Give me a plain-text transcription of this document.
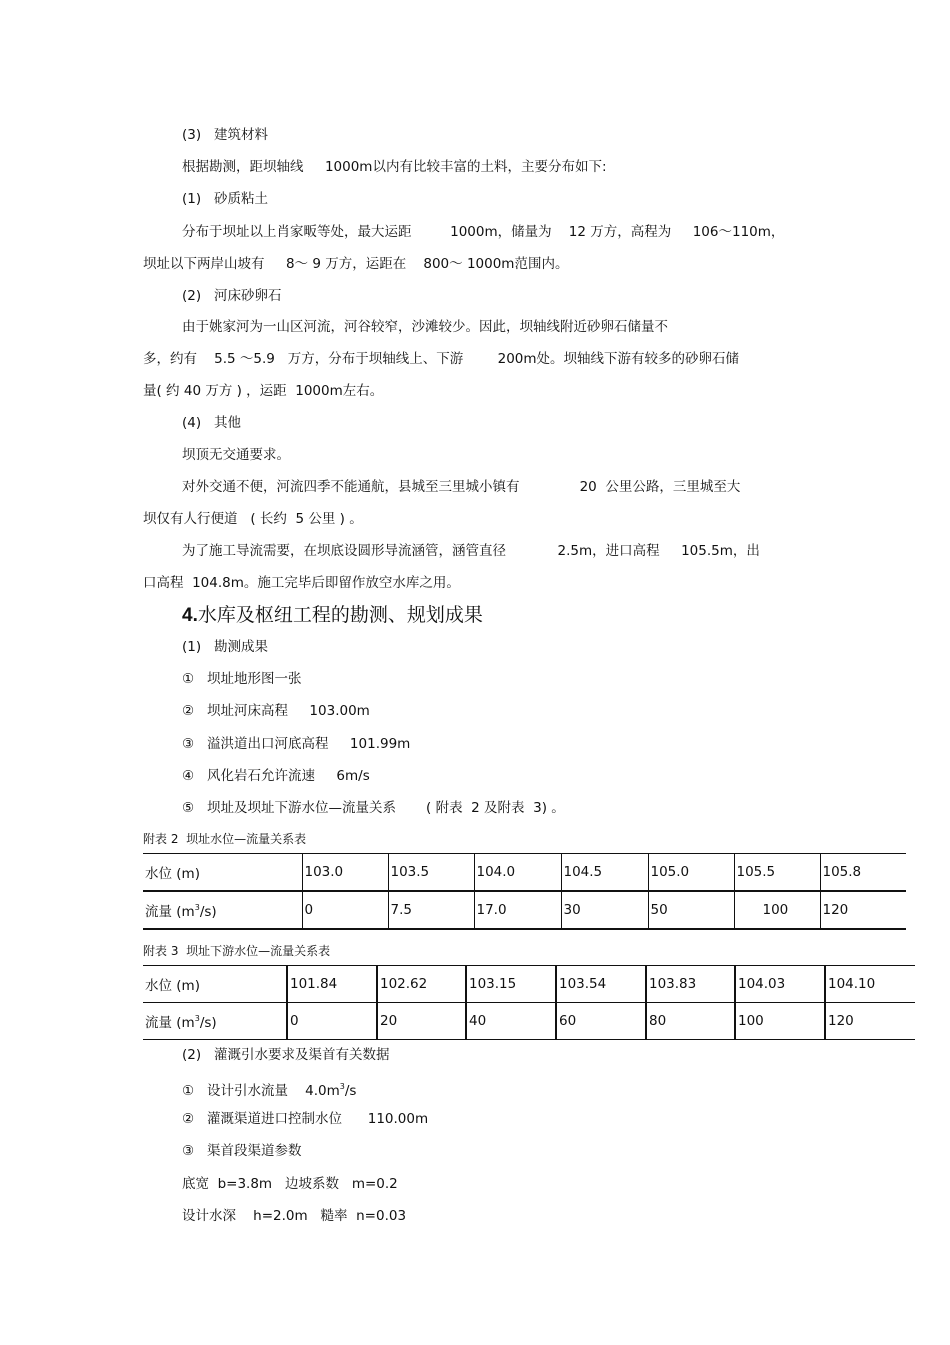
(3)   建筑材料
根据勘测，距坝轴线     1000m以内有比较丰富的土料，主要分布如下:
(1)   砂质粘土
分布于坝址以上肖家畈等处，最大运距         1000m，储量为    12 万方，高程为     106～110m，
坝址以下两岸山坡有     8～ 9 万方，运距在    800～ 1000m范围内。
(2)   河床砂卵石
由于姚家河为一山区河流，河谷较窄，沙滩较少。因此，坝轴线附近砂卵石储量不
多，约有    5.5 ～5.9   万方，分布于坝轴线上、下游        200m处。坝轴线下游有较多的砂卵石储
量( 约 40 万方 ) ，运距  1000m左右。
(4)   其他
坝顶无交通要求。
对外交通不便，河流四季不能通航，县城至三里城小镇有              20  公里公路，三里城至大
坝仅有人行便道   ( 长约  5 公里 ) 。
为了施工导流需要，在坝底设圆形导流涵管，涵管直径            2.5m，进口高程     105.5m，出
口高程  104.8m。施工完毕后即留作放空水库之用。
4.水库及枢纽工程的勘测、规划成果
(1)   勘测成果
①   坝址地形图一张
②   坝址河床高程     103.00m
③   溢洪道出口河底高程     101.99m
④   风化岩石允许流速     6m/s
⑤   坝址及坝址下游水位—流量关系       ( 附表  2 及附表  3) 。
附表 2  坝址水位—流量关系表
水位 (m)	103.0	103.5	104.0	104.5	105.0	105.5	105.8
流量 $(m^3/s)$	0	7.5	17.0	30	50	100	120
附表 3  坝址下游水位—流量关系表
水位 (m)	101.84	102.62	103.15	103.54	103.83	104.03	104.10
流量 $(m^3/s)$	0	20	40	60	80	100	120
(2)   灌溉引水要求及渠首有关数据
①   设计引水流量    $4.0m^3/s$
②   灌溉渠道进口控制水位      110.00m
③   渠首段渠道参数
底宽  b=3.8m   边坡系数   m=0.2
设计水深    h=2.0m   糙率  n=0.03
